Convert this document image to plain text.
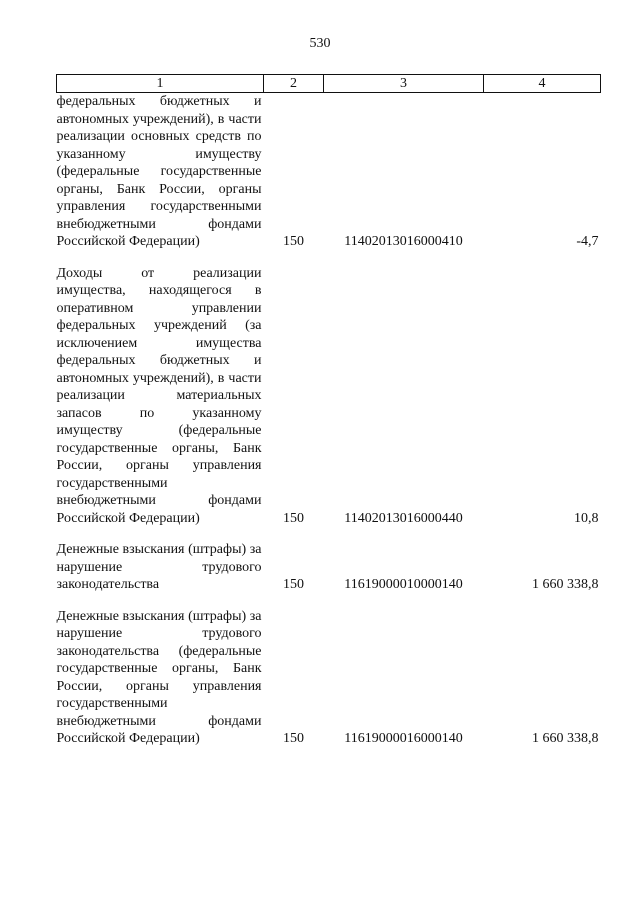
530
1	2	3	4
федеральных бюджетных и автономных учреждений), в части реализации основных средств по указанному имуществу (федеральные государственные органы, Банк России, органы управления государственными внебюджетными фондами Российской Федерации)	150	11402013016000410	-4,7

Доходы от реализации имущества, находящегося в оперативном управлении федеральных учреждений (за исключением имущества федеральных бюджетных и автономных учреждений), в части реализации материальных запасов по указанному имуществу (федеральные государственные органы, Банк России, органы управления государственными внебюджетными фондами Российской Федерации)	150	11402013016000440	10,8

Денежные взыскания (штрафы) за нарушение трудового законодательства	150	11619000010000140	1 660 338,8

Денежные взыскания (штрафы) за нарушение трудового законодательства (федеральные государственные органы, Банк России, органы управления государственными внебюджетными фондами Российской Федерации)	150	11619000016000140	1 660 338,8
